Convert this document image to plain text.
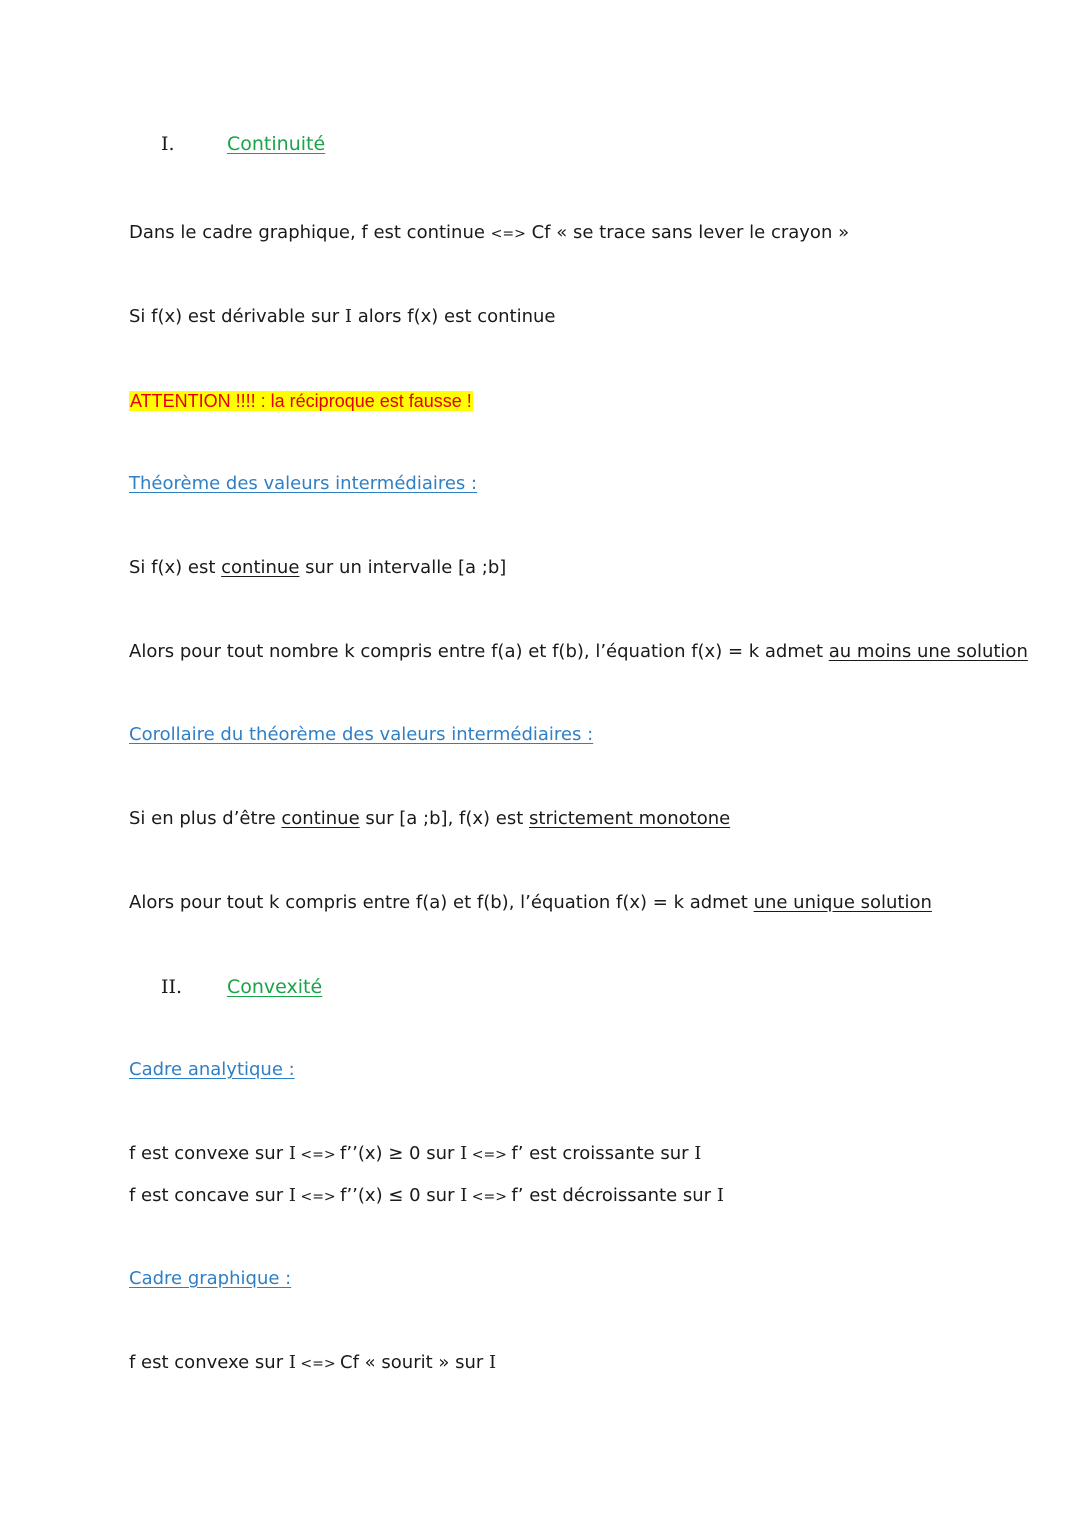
I.	Continuité
Dans le cadre graphique, f est continue <=> Cf « se trace sans lever le crayon »
Si f(x) est dérivable sur I alors f(x) est continue
ATTENTION !!!! : la réciproque est fausse !
Théorème des valeurs intermédiaires :
Si f(x) est continue sur un intervalle [a ;b]
Alors pour tout nombre k compris entre f(a) et f(b), l’équation f(x) = k admet au moins une solution
Corollaire du théorème des valeurs intermédiaires :
Si en plus d’être continue sur [a ;b], f(x) est strictement monotone
Alors pour tout k compris entre f(a) et f(b), l’équation f(x) = k admet une unique solution
II. Convexité
Cadre analytique :
f est convexe sur I <=> f’’(x) ≥ 0 sur I <=> f’ est croissante sur I
f est concave sur I <=> f’’(x) ≤ 0 sur I <=> f’ est décroissante sur I
Cadre graphique :
f est convexe sur I <=> Cf « sourit » sur I
